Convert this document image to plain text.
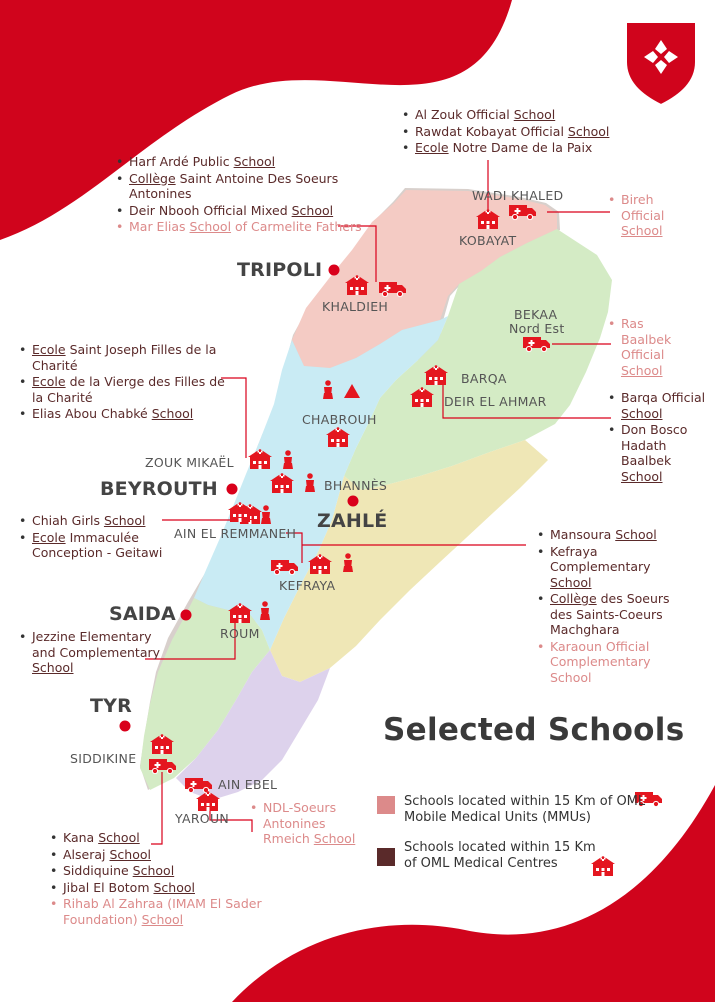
TRIPOLI
BEYROUTH
ZAHLÉ
SAIDA
TYR
WADI KHALED
KOBAYAT
KHALDIEH
BEKAA
Nord Est
BARQA
DEIR EL AHMAR
CHABROUH
ZOUK MIKAËL
BHANNÈS
AIN EL REMMANEH
KEFRAYA
ROUM
SIDDIKINE
AIN EBEL
YAROUN
• Al Zouk Official School
• Rawdat Kobayat Official School
• Ecole Notre Dame de la Paix
• Harf Ardé Public School
• Collège Saint Antoine Des Soeurs Antonines
• Deir Nbooh Official Mixed School
• Mar Elias School of Carmelite Fathers
• Bireh Official School
• Ras Baalbek Official School
• Barqa Official School
• Don Bosco Hadath Baalbek School
• Ecole Saint Joseph Filles de la Charité
• Ecole de la Vierge des Filles de la Charité
• Elias Abou Chabké School
• Chiah Girls School
• Ecole Immaculée Conception - Geitawi
• Mansoura School
• Kefraya Complementary School
• Collège des Soeurs des Saints-Coeurs Machghara
• Karaoun Official Complementary School
• Jezzine Elementary and Complementary School
• NDL-Soeurs Antonines Rmeich School
• Kana School
• Alseraj School
• Siddiquine School
• Jibal El Botom School
• Rihab Al Zahraa (IMAM El Sader Foundation) School
Selected Schools
Schools located within 15 Km of OML Mobile Medical Units (MMUs)
Schools located within 15 Km of OML Medical Centres
